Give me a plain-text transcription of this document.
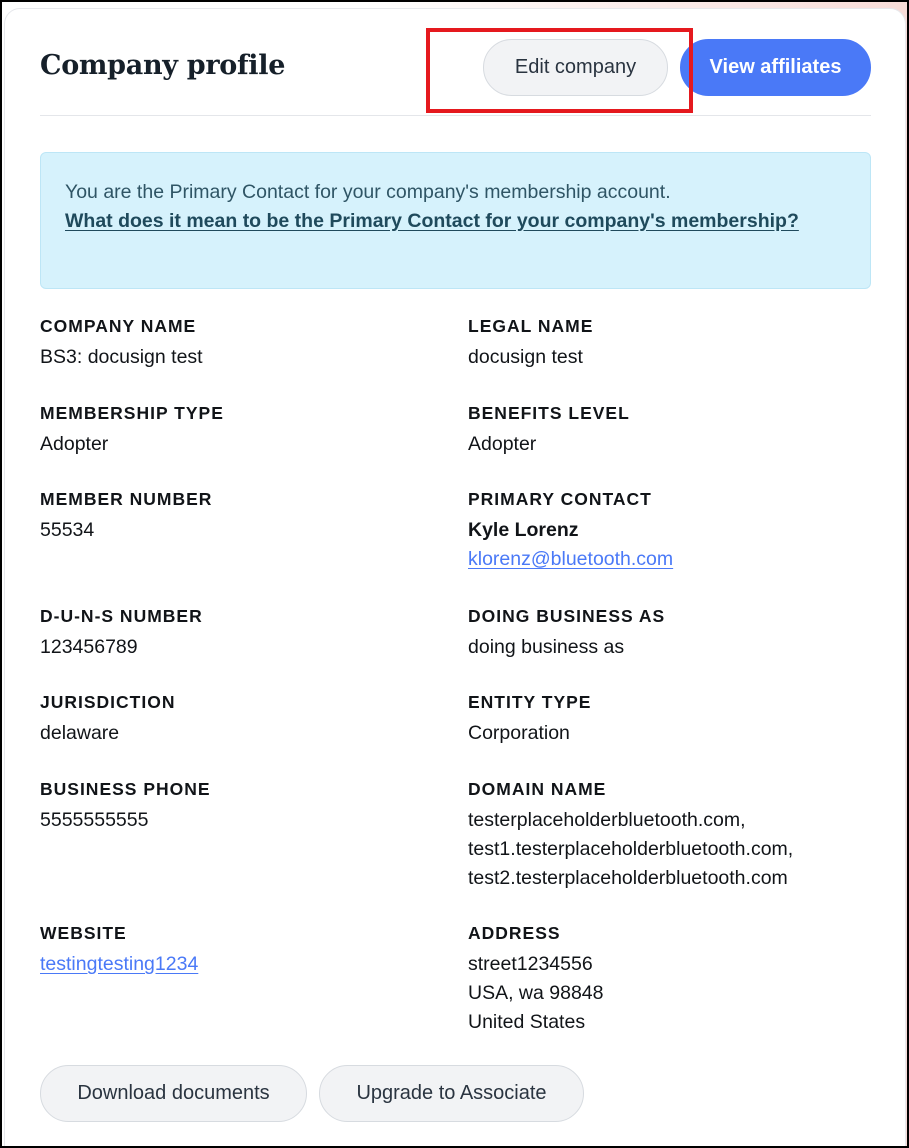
Company profile	Edit company	View affiliates
You are the Primary Contact for your company's membership account.
What does it mean to be the Primary Contact for your company's membership?
COMPANY NAME
BS3: docusign test
LEGAL NAME
docusign test
MEMBERSHIP TYPE
Adopter
BENEFITS LEVEL
Adopter
MEMBER NUMBER
55534
PRIMARY CONTACT
Kyle Lorenz
klorenz@bluetooth.com
D-U-N-S NUMBER
123456789
DOING BUSINESS AS
doing business as
JURISDICTION
delaware
ENTITY TYPE
Corporation
BUSINESS PHONE
5555555555
DOMAIN NAME
testerplaceholderbluetooth.com,
test1.testerplaceholderbluetooth.com,
test2.testerplaceholderbluetooth.com
WEBSITE
testingtesting1234
ADDRESS
street1234556
USA, wa 98848
United States
Download documents	Upgrade to Associate
